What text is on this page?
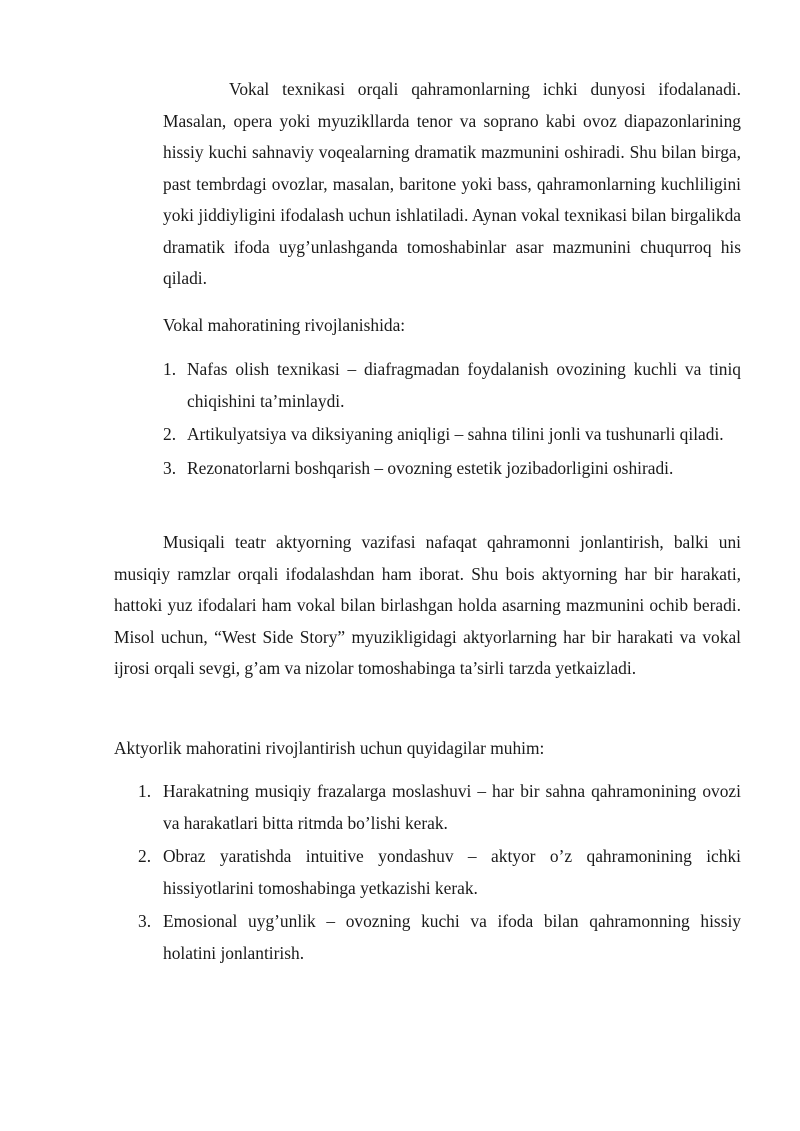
Vokal texnikasi orqali qahramonlarning ichki dunyosi ifodalanadi. Masalan, opera yoki myuzikllarda tenor va soprano kabi ovoz diapazonlarining hissiy kuchi sahnaviy voqealarning dramatik mazmunini oshiradi. Shu bilan birga, past tembrdagi ovozlar, masalan, baritone yoki bass, qahramonlarning kuchliligini yoki jiddiyligini ifodalash uchun ishlatiladi. Aynan vokal texnikasi bilan birgalikda dramatik ifoda uyg’unlashganda tomoshabinlar asar mazmunini chuqurroq his qiladi.

Vokal mahoratining rivojlanishida:

1. Nafas olish texnikasi – diafragmadan foydalanish ovozining kuchli va tiniq chiqishini ta’minlaydi.
2. Artikulyatsiya va diksiyaning aniqligi – sahna tilini jonli va tushunarli qiladi.
3. Rezonatorlarni boshqarish – ovozning estetik jozibadorligini oshiradi.

Musiqali teatr aktyorning vazifasi nafaqat qahramonni jonlantirish, balki uni musiqiy ramzlar orqali ifodalashdan ham iborat. Shu bois aktyorning har bir harakati, hattoki yuz ifodalari ham vokal bilan birlashgan holda asarning mazmunini ochib beradi. Misol uchun, “West Side Story” myuzikligidagi aktyorlarning har bir harakati va vokal ijrosi orqali sevgi, g’am va nizolar tomoshabinga ta’sirli tarzda yetkaizladi.

Aktyorlik mahoratini rivojlantirish uchun quyidagilar muhim:

1. Harakatning musiqiy frazalarga moslashuvi – har bir sahna qahramonining ovozi va harakatlari bitta ritmda bo’lishi kerak.
2. Obraz yaratishda intuitive yondashuv – aktyor o’z qahramonining ichki hissiyotlarini tomoshabinga yetkazishi kerak.
3. Emosional uyg’unlik – ovozning kuchi va ifoda bilan qahramonning hissiy holatini jonlantirish.
